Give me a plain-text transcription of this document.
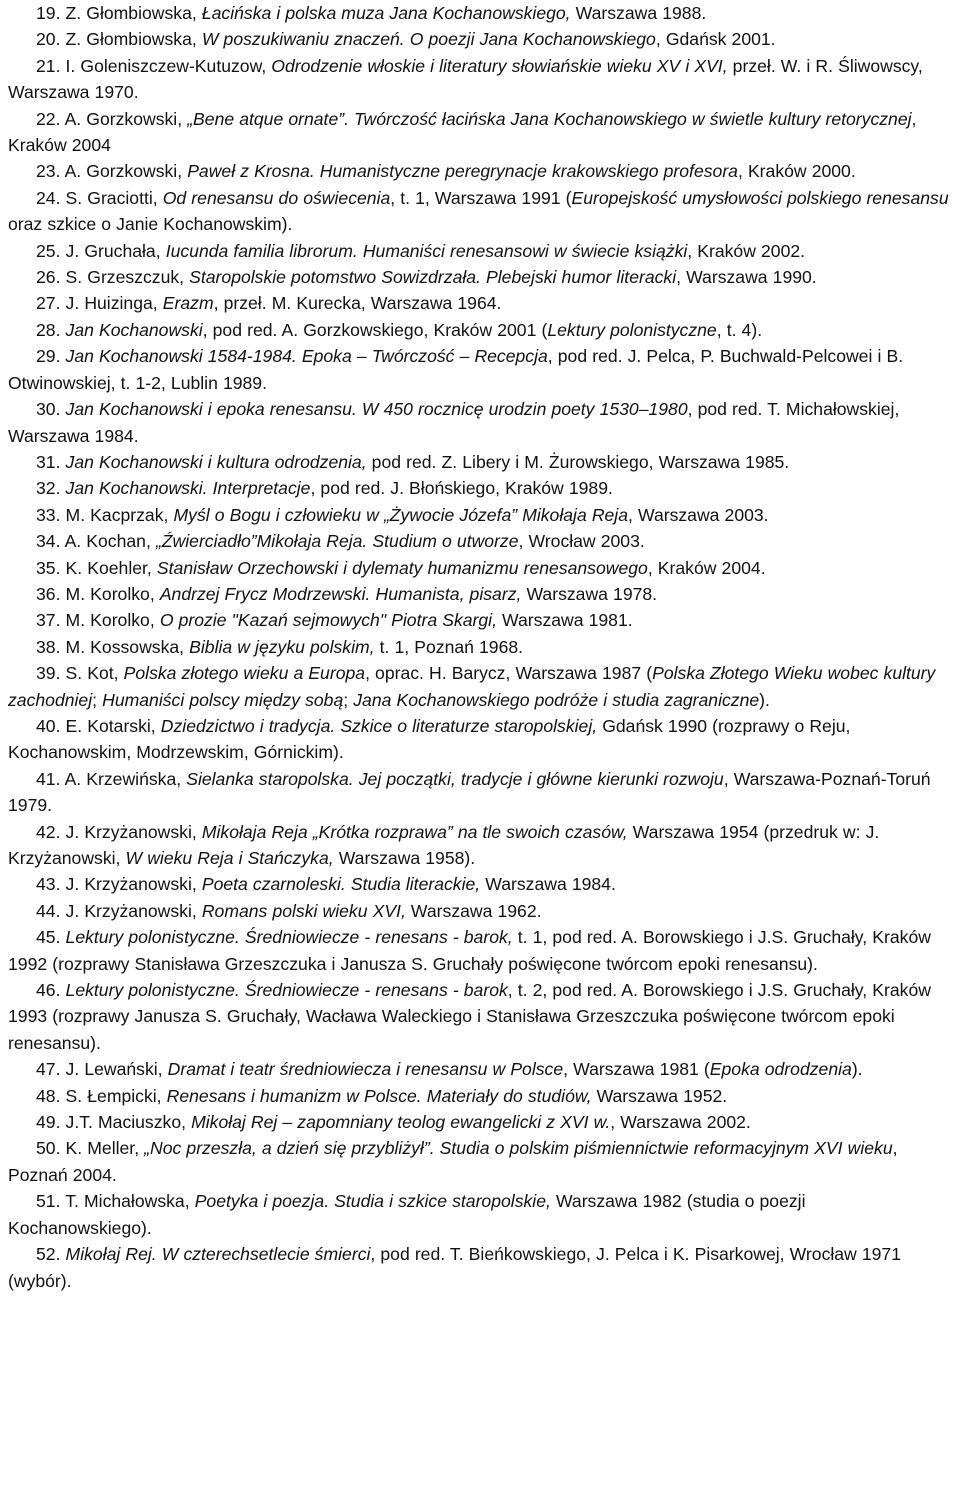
19. Z. Głombiowska, Łacińska i polska muza Jana Kochanowskiego, Warszawa 1988.

20. Z. Głombiowska, W poszukiwaniu znaczeń. O poezji Jana Kochanowskiego, Gdańsk 2001.

21. I. Goleniszczew-Kutuzow, Odrodzenie włoskie i literatury słowiańskie wieku XV i XVI, przeł. W. i R. Śliwowscy, Warszawa 1970.

22. A. Gorzkowski, „Bene atque ornate”. Twórczość łacińska Jana Kochanowskiego w świetle kultury retorycznej, Kraków 2004

23. A. Gorzkowski, Paweł z Krosna. Humanistyczne peregrynacje krakowskiego profesora, Kraków 2000.

24. S. Graciotti, Od renesansu do oświecenia, t. 1, Warszawa 1991 (Europejskość umysłowości polskiego renesansu oraz szkice o Janie Kochanowskim).

25. J. Gruchała, Iucunda familia librorum. Humaniści renesansowi w świecie książki, Kraków 2002.

26. S. Grzeszczuk, Staropolskie potomstwo Sowizdrzała. Plebejski humor literacki, Warszawa 1990.

27. J. Huizinga, Erazm, przeł. M. Kurecka, Warszawa 1964.

28. Jan Kochanowski, pod red. A. Gorzkowskiego, Kraków 2001 (Lektury polonistyczne, t. 4).

29. Jan Kochanowski 1584-1984. Epoka – Twórczość – Recepcja, pod red. J. Pelca, P. Buchwald-Pelcowei i B. Otwinowskiej, t. 1-2, Lublin 1989.

30. Jan Kochanowski i epoka renesansu. W 450 rocznicę urodzin poety 1530–1980, pod red. T. Michałowskiej, Warszawa 1984.

31. Jan Kochanowski i kultura odrodzenia, pod red. Z. Libery i M. Żurowskiego, Warszawa 1985.

32. Jan Kochanowski. Interpretacje, pod red. J. Błońskiego, Kraków 1989.

33. M. Kacprzak, Myśl o Bogu i człowieku w „Żywocie Józefa” Mikołaja Reja, Warszawa 2003.

34. A. Kochan, „Źwierciadło”Mikołaja Reja. Studium o utworze, Wrocław 2003.

35. K. Koehler, Stanisław Orzechowski i dylematy humanizmu renesansowego, Kraków 2004.

36. M. Korolko, Andrzej Frycz Modrzewski. Humanista, pisarz, Warszawa 1978.

37. M. Korolko, O prozie "Kazań sejmowych" Piotra Skargi, Warszawa 1981.

38. M. Kossowska, Biblia w języku polskim, t. 1, Poznań 1968.

39. S. Kot, Polska złotego wieku a Europa, oprac. H. Barycz, Warszawa 1987 (Polska Złotego Wieku wobec kultury zachodniej; Humaniści polscy między sobą; Jana Kochanowskiego podróże i studia zagraniczne).

40. E. Kotarski, Dziedzictwo i tradycja. Szkice o literaturze staropolskiej, Gdańsk 1990 (rozprawy o Reju, Kochanowskim, Modrzewskim, Górnickim).

41. A. Krzewińska, Sielanka staropolska. Jej początki, tradycje i główne kierunki rozwoju, Warszawa-Poznań-Toruń 1979.

42. J. Krzyżanowski, Mikołaja Reja „Krótka rozprawa” na tle swoich czasów, Warszawa 1954 (przedruk w: J. Krzyżanowski, W wieku Reja i Stańczyka, Warszawa 1958).

43. J. Krzyżanowski, Poeta czarnoleski. Studia literackie, Warszawa 1984.

44. J. Krzyżanowski, Romans polski wieku XVI, Warszawa 1962.

45. Lektury polonistyczne. Średniowiecze - renesans - barok, t. 1, pod red. A. Borowskiego i J.S. Gruchały, Kraków 1992 (rozprawy Stanisława Grzeszczuka i Janusza S. Gruchały poświęcone twórcom epoki renesansu).

46. Lektury polonistyczne. Średniowiecze - renesans - barok, t. 2, pod red. A. Borowskiego i J.S. Gruchały, Kraków 1993 (rozprawy Janusza S. Gruchały, Wacława Waleckiego i Stanisława Grzeszczuka poświęcone twórcom epoki renesansu).

47. J. Lewański, Dramat i teatr średniowiecza i renesansu w Polsce, Warszawa 1981 (Epoka odrodzenia).

48. S. Łempicki, Renesans i humanizm w Polsce. Materiały do studiów, Warszawa 1952.

49. J.T. Maciuszko, Mikołaj Rej – zapomniany teolog ewangelicki z XVI w., Warszawa 2002.

50. K. Meller, „Noc przeszła, a dzień się przybliżył”. Studia o polskim piśmiennictwie reformacyjnym XVI wieku, Poznań 2004.

51. T. Michałowska, Poetyka i poezja. Studia i szkice staropolskie, Warszawa 1982 (studia o poezji Kochanowskiego).

52. Mikołaj Rej. W czterechsetlecie śmierci, pod red. T. Bieńkowskiego, J. Pelca i K. Pisarkowej, Wrocław 1971 (wybór).
